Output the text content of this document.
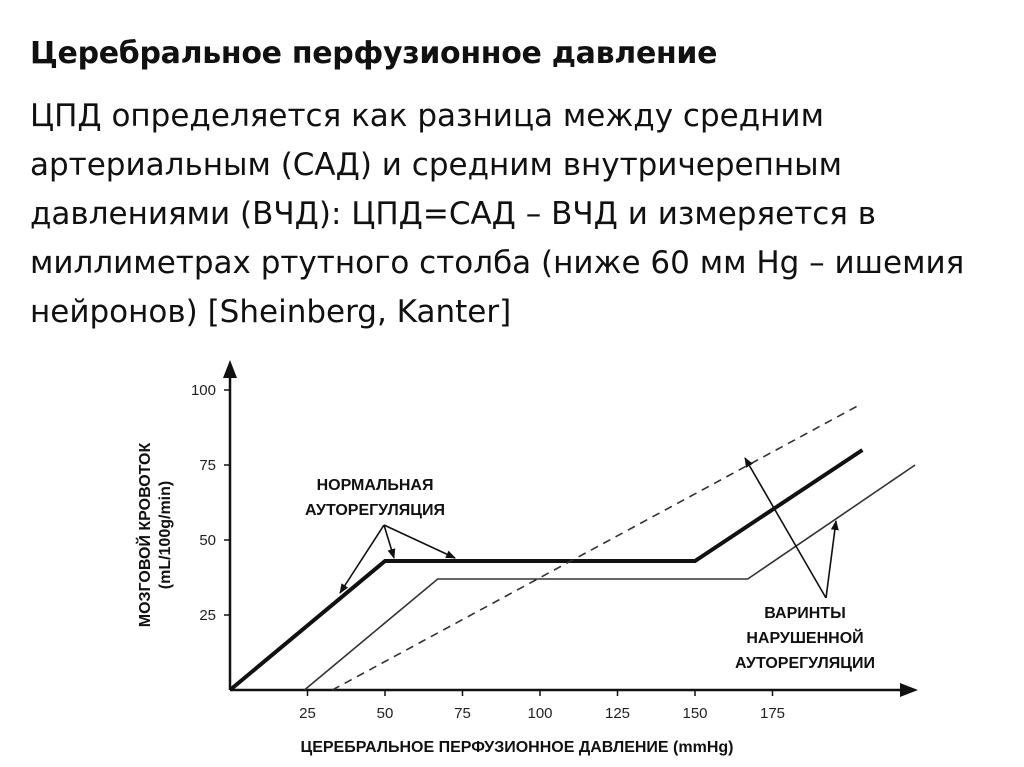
Церебральное перфузионное давление
ЦПД определяется как разница между средним артериальным (САД) и средним внутричерепным давлениями (ВЧД): ЦПД=САД – ВЧД и измеряется в миллиметрах ртутного столба (ниже 60 мм Hg – ишемия нейронов) [Sheinberg, Kanter]
25	50	75	100	125	150	175
25
50
75
100
ЦЕРЕБРАЛЬНОЕ ПЕРФУЗИОННОЕ ДАВЛЕНИЕ (mmHg)
МОЗГОВОЙ КРОВОТОК (mL/100g/min)	НОРМАЛЬНАЯ
АУТОРЕГУЛЯЦИЯ
ВАРИНТЫ
НАРУШЕННОЙ
АУТОРЕГУЛЯЦИИ
